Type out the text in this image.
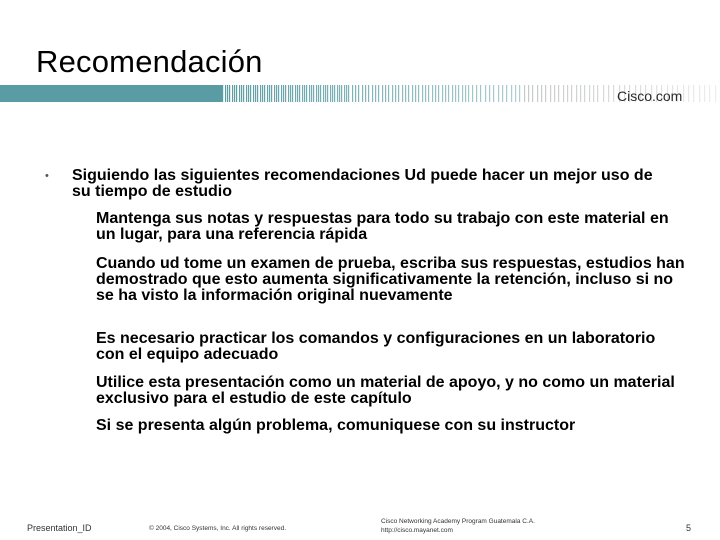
Recomendación
Cisco.com
• Siguiendo las siguientes recomendaciones Ud puede hacer un mejor uso de su tiempo de estudio
Mantenga sus notas y respuestas para todo su trabajo con este material en un lugar, para una referencia rápida
Cuando ud tome un examen de prueba, escriba sus respuestas, estudios han demostrado que esto aumenta significativamente la retención, incluso si no se ha visto la información original nuevamente
Es necesario practicar los comandos y configuraciones en un laboratorio con el equipo adecuado
Utilice esta presentación como un material de apoyo, y no como un material exclusivo para el estudio de este capítulo
Si se presenta algún problema, comuniquese con su instructor
Presentation_ID	© 2004, Cisco Systems, Inc. All rights reserved.
Cisco Networking Academy Program Guatemala C.A.
http://cisco.mayanet.com	5
